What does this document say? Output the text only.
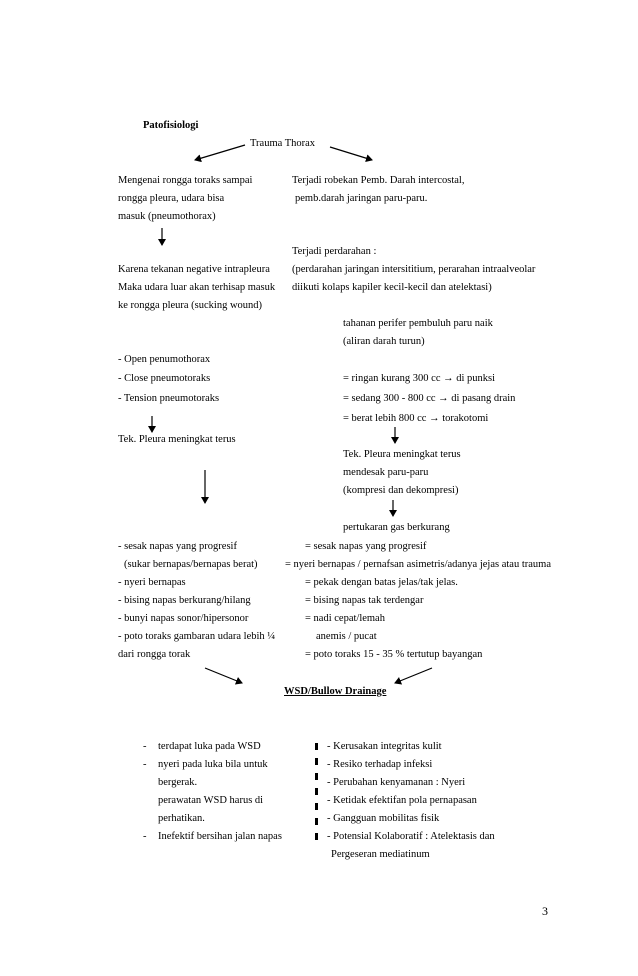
Patofisiologi
Trauma Thorax
Mengenai rongga toraks sampai
rongga pleura, udara bisa
masuk (pneumothorax)
Terjadi robekan Pemb. Darah intercostal,
pemb.darah jaringan paru-paru.
Terjadi perdarahan :
(perdarahan jaringan intersititium, perarahan intraalveolar
diikuti kolaps kapiler kecil-kecil dan atelektasi)
Karena tekanan negative intrapleura
Maka udara luar akan terhisap masuk
ke rongga pleura (sucking wound)
tahanan perifer pembuluh paru naik
(aliran darah turun)
- Open penumothorax
- Close pneumotoraks
- Tension pneumotoraks
= ringan kurang 300 cc → di punksi
= sedang 300 - 800 cc → di pasang drain
= berat lebih 800 cc → torakotomi
Tek. Pleura meningkat terus
Tek. Pleura meningkat terus
mendesak paru-paru
(kompresi dan dekompresi)
pertukaran gas berkurang
- sesak napas yang progresif
(sukar bernapas/bernapas berat)
- nyeri bernapas
- bising napas berkurang/hilang
- bunyi napas sonor/hipersonor
- poto toraks gambaran udara lebih ¼
dari rongga torak
= sesak napas yang progresif
= nyeri bernapas / pernafsan asimetris/adanya jejas atau trauma
= pekak dengan batas jelas/tak jelas.
= bising napas tak terdengar
= nadi cepat/lemah
anemis / pucat
= poto toraks 15 - 35 % tertutup bayangan
WSD/Bullow Drainage
- terdapat luka pada WSD
- nyeri pada luka bila untuk
bergerak.
perawatan WSD harus di
perhatikan.
- Inefektif bersihan jalan napas
- Kerusakan integritas kulit
- Resiko terhadap infeksi
- Perubahan kenyamanan : Nyeri
- Ketidak efektifan pola pernapasan
- Gangguan mobilitas fisik
- Potensial Kolaboratif : Atelektasis dan
Pergeseran mediatinum
3
